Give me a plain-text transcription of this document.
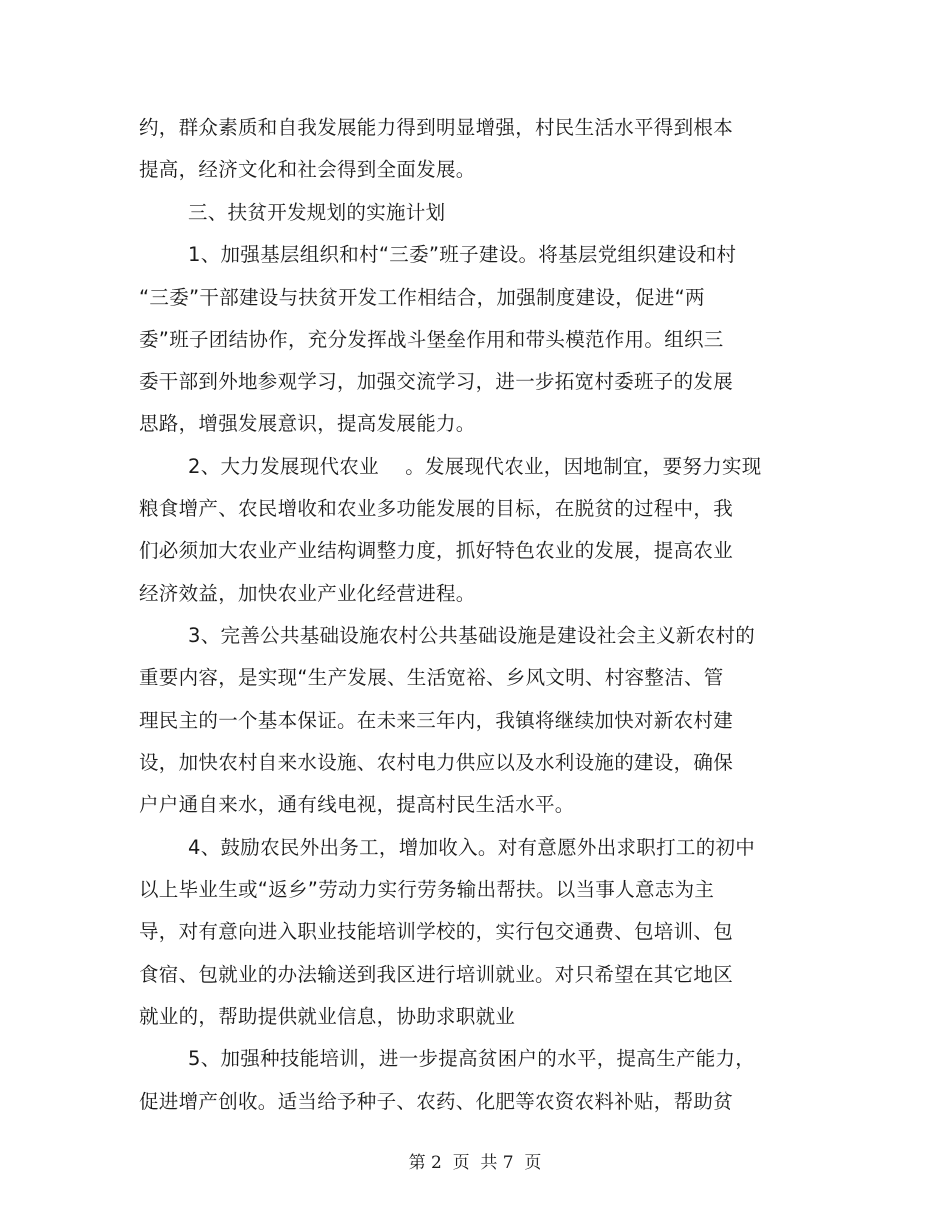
约，群众素质和自我发展能力得到明显增强，村民生活水平得到根本
提高，经济文化和社会得到全面发展。
三、扶贫开发规划的实施计划
1、加强基层组织和村“三委”班子建设。将基层党组织建设和村
“三委”干部建设与扶贫开发工作相结合，加强制度建设，促进“两
委”班子团结协作，充分发挥战斗堡垒作用和带头模范作用。组织三
委干部到外地参观学习，加强交流学习，进一步拓宽村委班子的发展
思路，增强发展意识，提高发展能力。
2、大力发展现代农业 　。发展现代农业，因地制宜，要努力实现
粮食增产、农民增收和农业多功能发展的目标，在脱贫的过程中，我
们必须加大农业产业结构调整力度，抓好特色农业的发展，提高农业
经济效益，加快农业产业化经营进程。
3、完善公共基础设施农村公共基础设施是建设社会主义新农村的
重要内容，是实现“生产发展、生活宽裕、乡风文明、村容整洁、管
理民主的一个基本保证。在未来三年内，我镇将继续加快对新农村建
设，加快农村自来水设施、农村电力供应以及水利设施的建设，确保
户户通自来水，通有线电视，提高村民生活水平。
4、鼓励农民外出务工，增加收入。对有意愿外出求职打工的初中
以上毕业生或“返乡”劳动力实行劳务输出帮扶。以当事人意志为主
导，对有意向进入职业技能培训学校的，实行包交通费、包培训、包
食宿、包就业的办法输送到我区进行培训就业。对只希望在其它地区
就业的，帮助提供就业信息，协助求职就业
5、加强种技能培训，进一步提高贫困户的水平，提高生产能力，
促进增产创收。适当给予种子、农药、化肥等农资农料补贴，帮助贫
第 2  页  共 7  页
